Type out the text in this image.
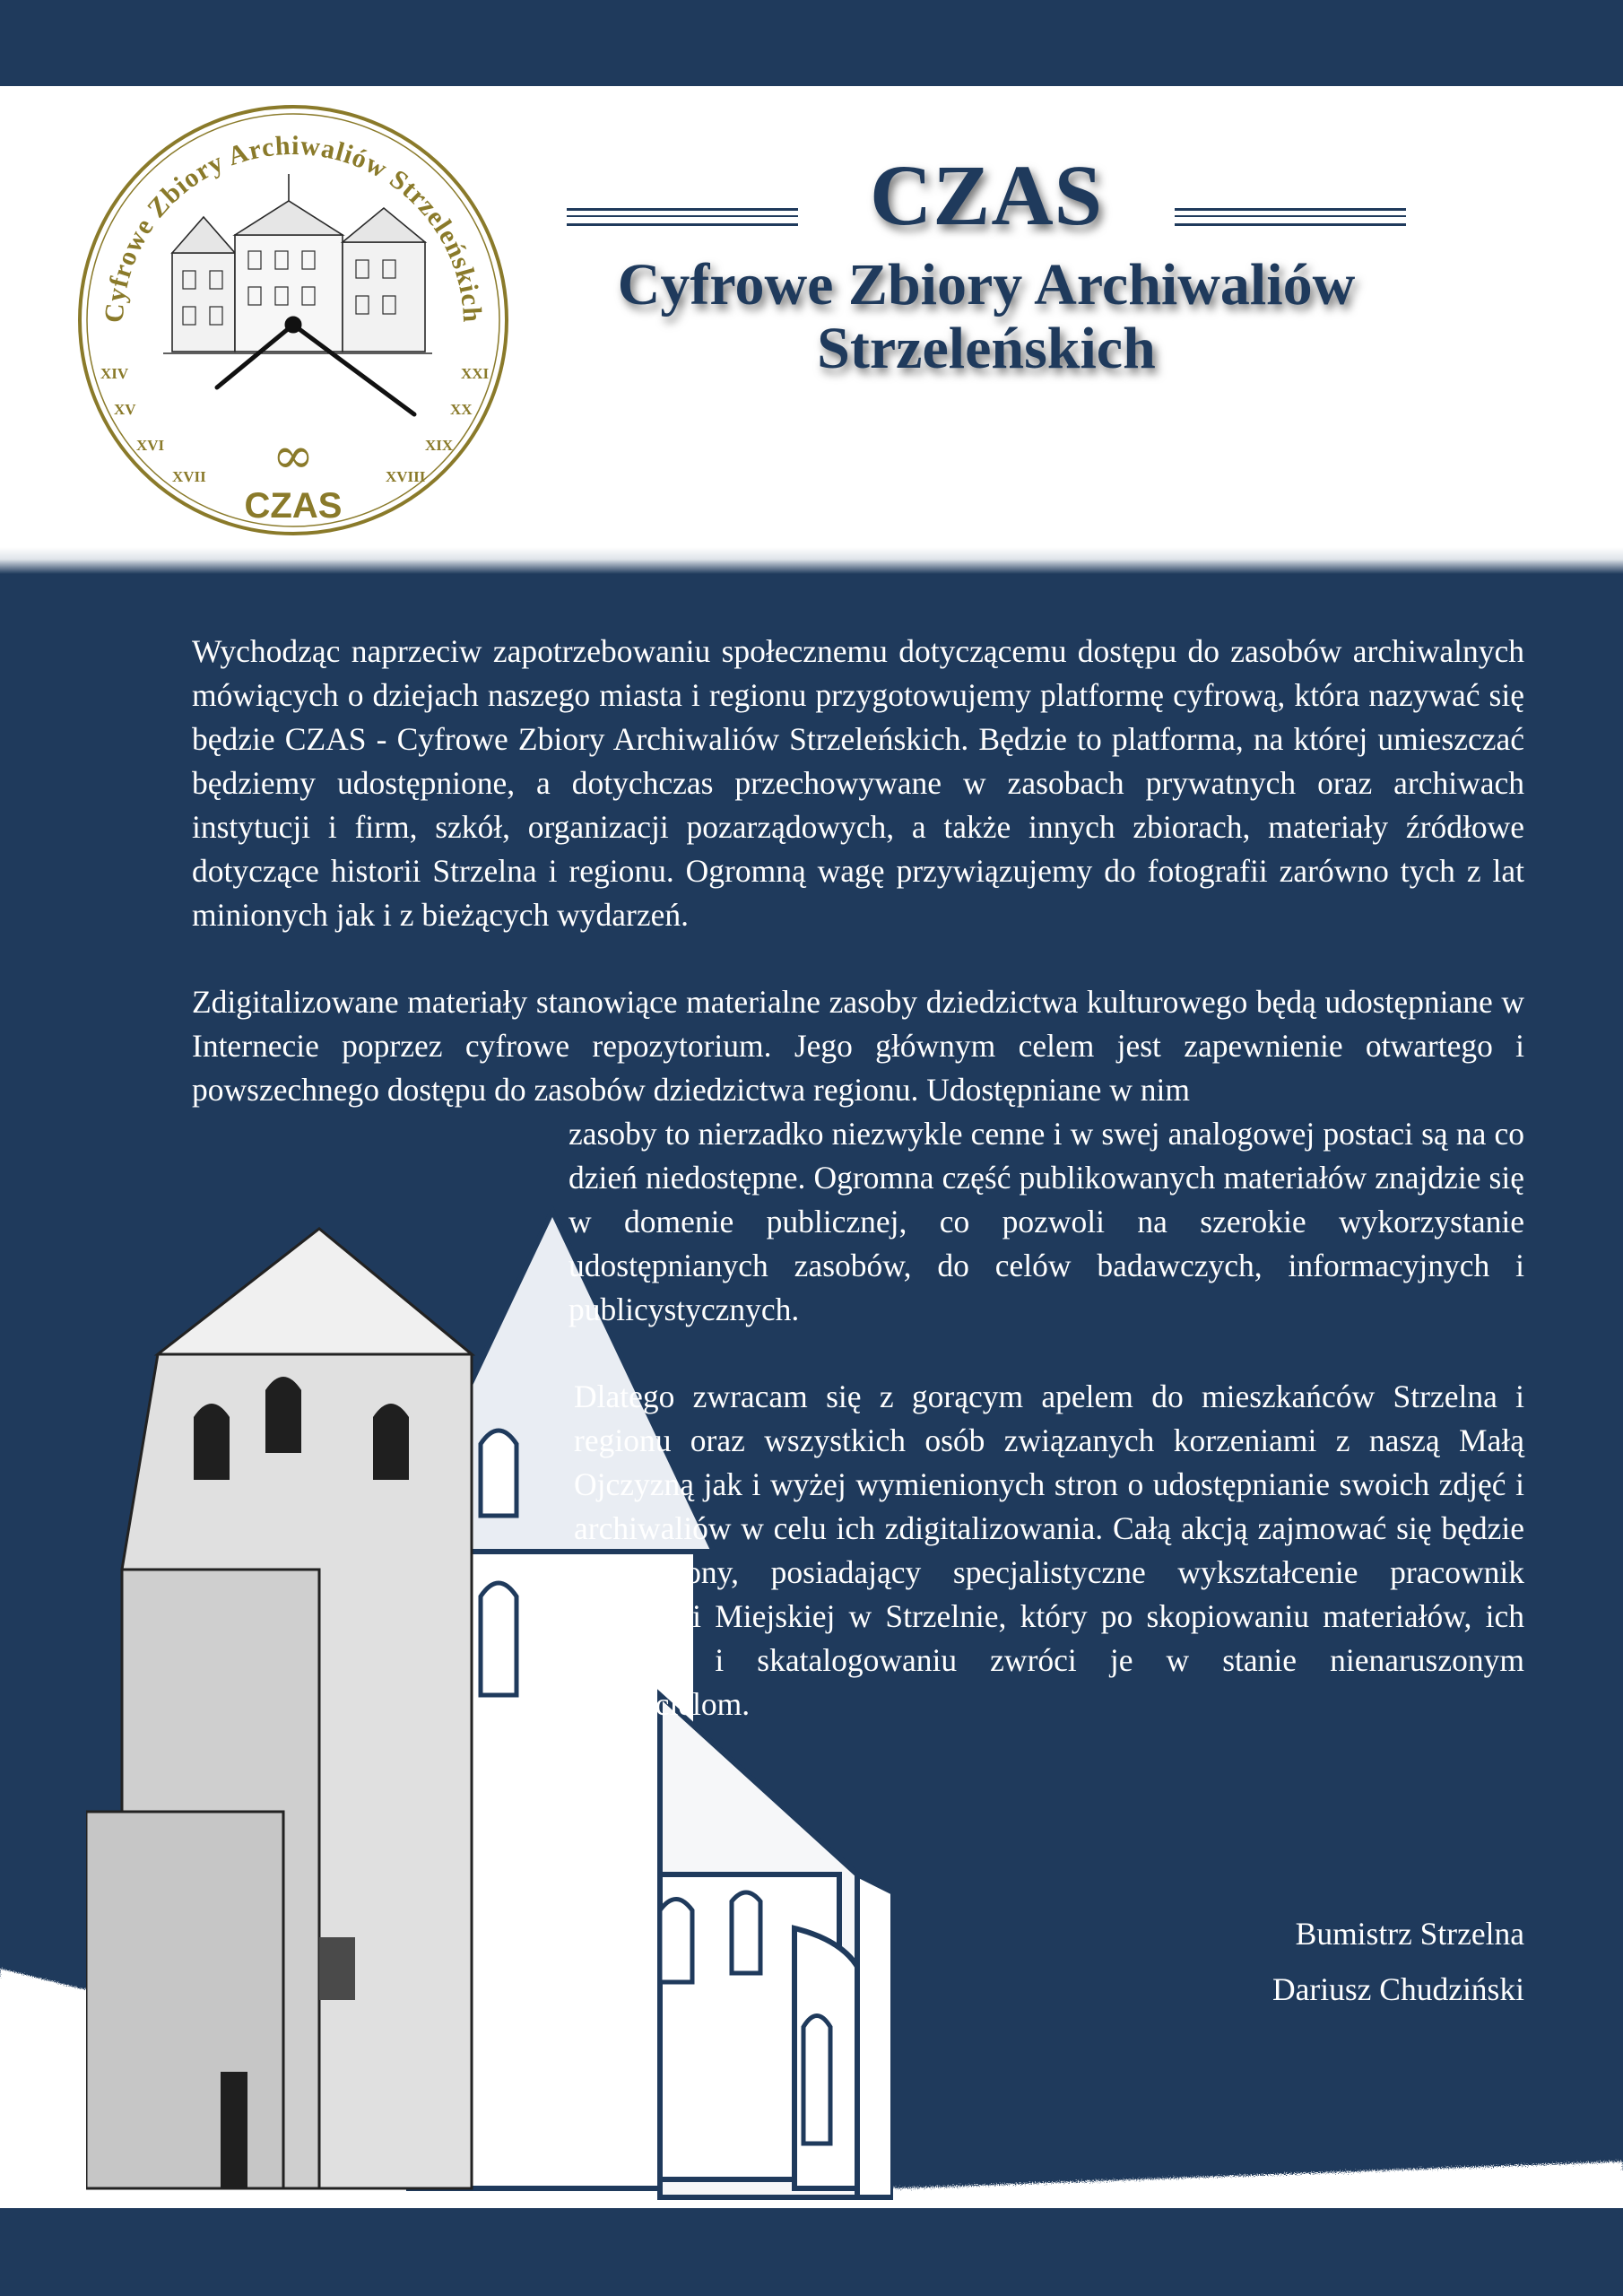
Cyfrowe Zbiory Archiwaliów Strzeleńskich
XIV
XV
XVI
XVII
XXI
XX
XIX
XVIII
∞
CZAS

CZAS

Cyfrowe Zbiory Archiwaliów
Strzeleńskich

Wychodząc naprzeciw zapotrzebowaniu społecznemu dotyczącemu dostępu do zasobów archiwalnych mówiących o dziejach naszego miasta i regionu przygotowujemy platformę cyfrową, która nazywać się będzie CZAS - Cyfrowe Zbiory Archiwaliów Strzeleńskich. Będzie to platforma, na której umieszczać będziemy udostępnione, a dotychczas przechowywane w zasobach prywatnych oraz archiwach instytucji i firm, szkół, organizacji pozarządowych, a także innych zbiorach, materiały źródłowe dotyczące historii Strzelna i regionu. Ogromną wagę przywiązujemy do fotografii zarówno tych z lat minionych jak i z bieżących wydarzeń.

Zdigitalizowane materiały stanowiące materialne zasoby dziedzictwa kulturowego będą udostępniane w Internecie poprzez cyfrowe repozytorium. Jego głównym celem jest zapewnienie otwartego i powszechnego dostępu do zasobów dziedzictwa regionu. Udostępniane w nim

zasoby to nierzadko niezwykle cenne i w swej analogowej postaci są na co dzień niedostępne. Ogromna część publikowanych materiałów znajdzie się w domenie publicznej, co pozwoli na szerokie wykorzystanie udostępnianych zasobów, do celów badawczych, informacyjnych i publicystycznych.

Dlatego zwracam się z gorącym apelem do mieszkańców Strzelna i regionu oraz wszystkich osób związanych korzeniami z naszą Małą Ojczyzną jak i wyżej wymienionych stron o udostępnianie swoich zdjęć i archiwaliów w celu ich zdigitalizowania. Całą akcją zajmować się będzie wyznaczony, posiadający specjalistyczne wykształcenie pracownik Biblioteki Miejskiej w Strzelnie, który po skopiowaniu materiałów, ich opisaniu i skatalogowaniu zwróci je w stanie nienaruszonym właścicielom.

Bumistrz Strzelna
Dariusz Chudziński
